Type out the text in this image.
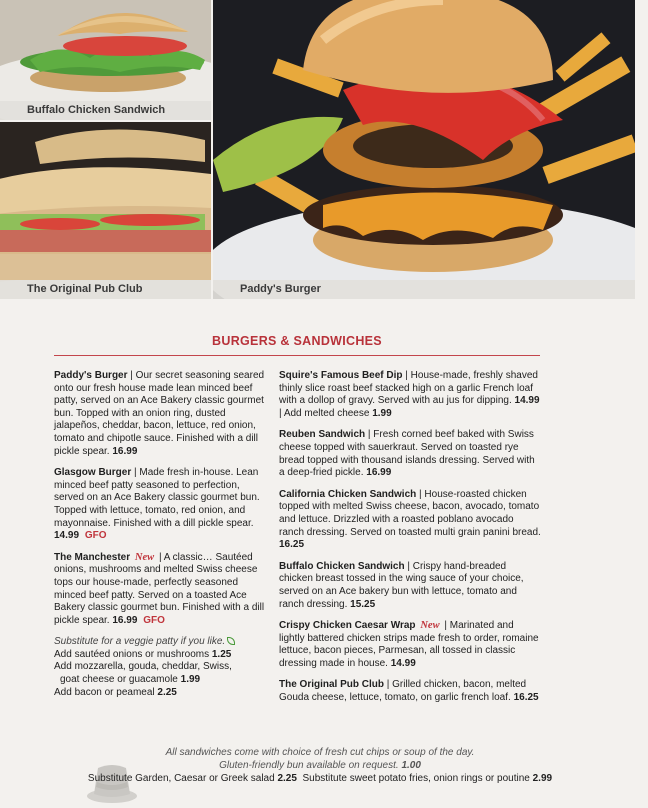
Buffalo Chicken Sandwich
The Original Pub Club	Paddy's Burger
BURGERS & SANDWICHES
Paddy's Burger | Our secret seasoning seared onto our fresh house made lean minced beef patty, served on an Ace Bakery classic gourmet bun. Topped with an onion ring, dusted jalapeños, cheddar, bacon, lettuce, red onion, tomato and chipotle sauce. Finished with a dill pickle spear. 16.99
Glasgow Burger | Made fresh in-house. Lean minced beef patty seasoned to perfection, served on an Ace Bakery classic gourmet bun. Topped with lettuce, tomato, red onion, and mayonnaise. Finished with a dill pickle spear. 14.99 GFO
The Manchester New | A classic… Sautéed onions, mushrooms and melted Swiss cheese tops our house-made, perfectly seasoned minced beef patty. Served on a toasted Ace Bakery classic gourmet bun. Finished with a dill pickle spear. 16.99 GFO
Substitute for a veggie patty if you like.
Add sautéed onions or mushrooms 1.25
Add mozzarella, gouda, cheddar, Swiss,
goat cheese or guacamole 1.99
Add bacon or peameal 2.25
Squire's Famous Beef Dip | House-made, freshly shaved thinly slice roast beef stacked high on a garlic French loaf with a dollop of gravy. Served with au jus for dipping. 14.99 | Add melted cheese 1.99
Reuben Sandwich | Fresh corned beef baked with Swiss cheese topped with sauerkraut. Served on toasted rye bread topped with thousand islands dressing. Served with a deep-fried pickle. 16.99
California Chicken Sandwich | House-roasted chicken topped with melted Swiss cheese, bacon, avocado, tomato and lettuce. Drizzled with a roasted poblano avocado ranch dressing. Served on toasted multi grain panini bread. 16.25
Buffalo Chicken Sandwich | Crispy hand-breaded chicken breast tossed in the wing sauce of your choice, served on an Ace bakery bun with lettuce, tomato and ranch dressing. 15.25
Crispy Chicken Caesar Wrap New | Marinated and lightly battered chicken strips made fresh to order, romaine lettuce, bacon pieces, Parmesan, all tossed in classic dressing made in house. 14.99
The Original Pub Club | Grilled chicken, bacon, melted Gouda cheese, lettuce, tomato, on garlic french loaf. 16.25
All sandwiches come with choice of fresh cut chips or soup of the day.
Gluten-friendly bun available on request. 1.00
Substitute Garden, Caesar or Greek salad 2.25 Substitute sweet potato fries, onion rings or poutine 2.99
